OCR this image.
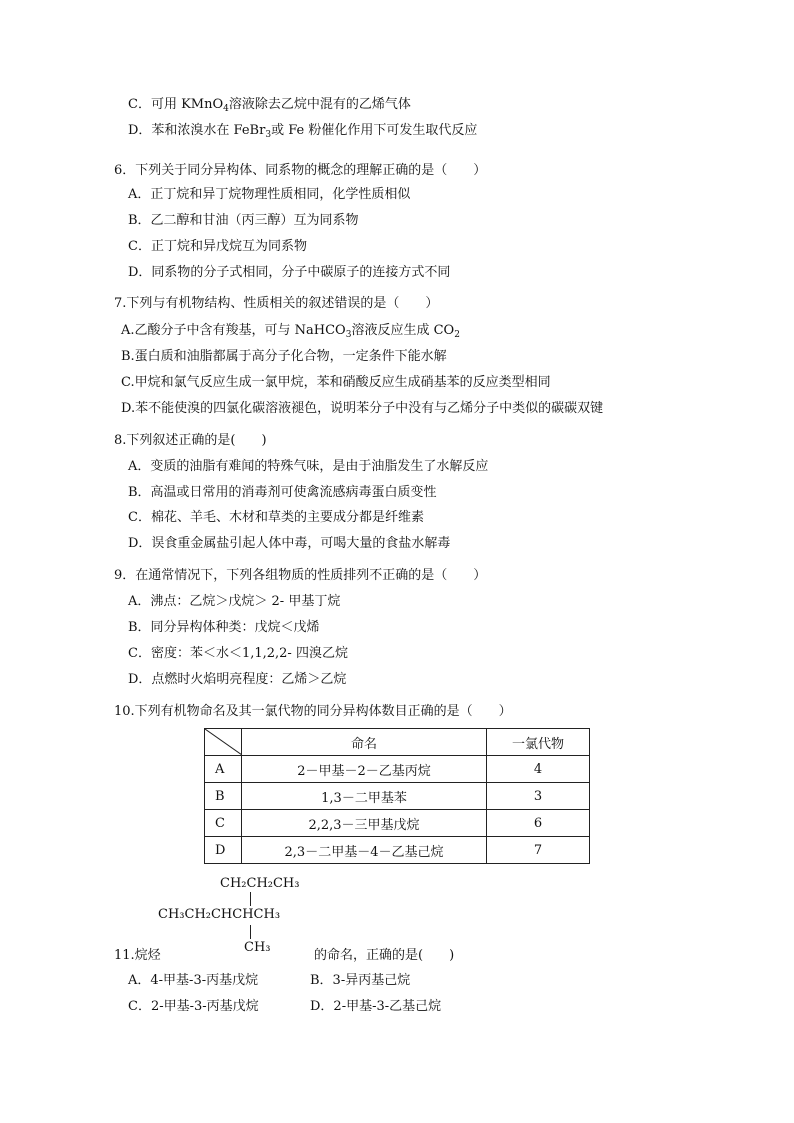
C．可用 KMnO$_4$溶液除去乙烷中混有的乙烯气体
D．苯和浓溴水在 FeBr$_3$或 Fe 粉催化作用下可发生取代反应
6．下列关于同分异构体、同系物的概念的理解正确的是（　　）
A．正丁烷和异丁烷物理性质相同，化学性质相似
B．乙二醇和甘油（丙三醇）互为同系物
C．正丁烷和异戊烷互为同系物
D．同系物的分子式相同，分子中碳原子的连接方式不同
7.下列与有机物结构、性质相关的叙述错误的是（　　）
A.乙酸分子中含有羧基，可与 NaHCO$_3$溶液反应生成 $CO_2$
B.蛋白质和油脂都属于高分子化合物，一定条件下能水解
C.甲烷和氯气反应生成一氯甲烷，苯和硝酸反应生成硝基苯的反应类型相同
D.苯不能使溴的四氯化碳溶液褪色，说明苯分子中没有与乙烯分子中类似的碳碳双键
8.下列叙述正确的是(　　)
A．变质的油脂有难闻的特殊气味，是由于油脂发生了水解反应
B．高温或日常用的消毒剂可使禽流感病毒蛋白质变性
C．棉花、羊毛、木材和草类的主要成分都是纤维素
D．误食重金属盐引起人体中毒，可喝大量的食盐水解毒
9．在通常情况下，下列各组物质的性质排列不正确的是（　　）
A．沸点：乙烷＞戊烷＞ 2- 甲基丁烷
B．同分异构体种类：戊烷＜戊烯
C．密度：苯＜水＜1,1,2,2- 四溴乙烷
D．点燃时火焰明亮程度：乙烯＞乙烷
10.下列有机物命名及其一氯代物的同分异构体数目正确的是（　　）
	命名	一氯代物
A	2－甲基－2－乙基丙烷	4
B	1,3－二甲基苯	3
C	2,2,3－三甲基戊烷	6
D	2,3－二甲基－4－乙基己烷	7
CH₂CH₂CH₃
CH₃CH₂CHCHCH₃
CH₃
11.烷烃	的命名，正确的是(　　)
A．4-甲基-3-丙基戊烷	B．3-异丙基己烷
C．2-甲基-3-丙基戊烷	D．2-甲基-3-乙基己烷
